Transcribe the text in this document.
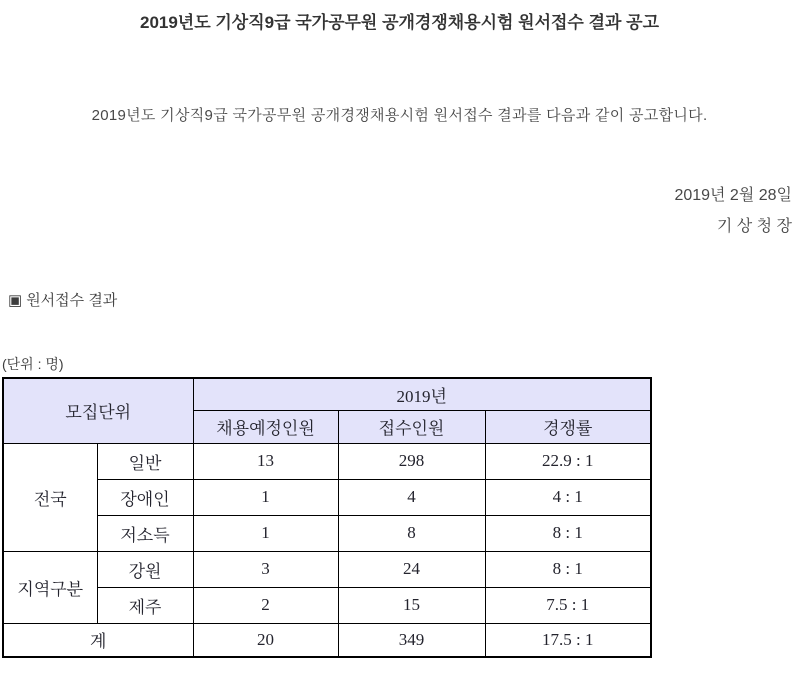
2019년도 기상직9급 국가공무원 공개경쟁채용시험 원서접수 결과 공고
2019년도 기상직9급 국가공무원 공개경쟁채용시험 원서접수 결과를 다음과 같이 공고합니다.
2019년 2월 28일
기 상 청 장
▣ 원서접수 결과
(단위 : 명)
모집단위		2019년		
		채용예정인원	접수인원	경쟁률
전국	일반	13	298	22.9 : 1
	장애인	1	4	4 : 1
	저소득	1	8	8 : 1
지역구분	강원	3	24	8 : 1
	제주	2	15	7.5 : 1
계		20	349	17.5 : 1
